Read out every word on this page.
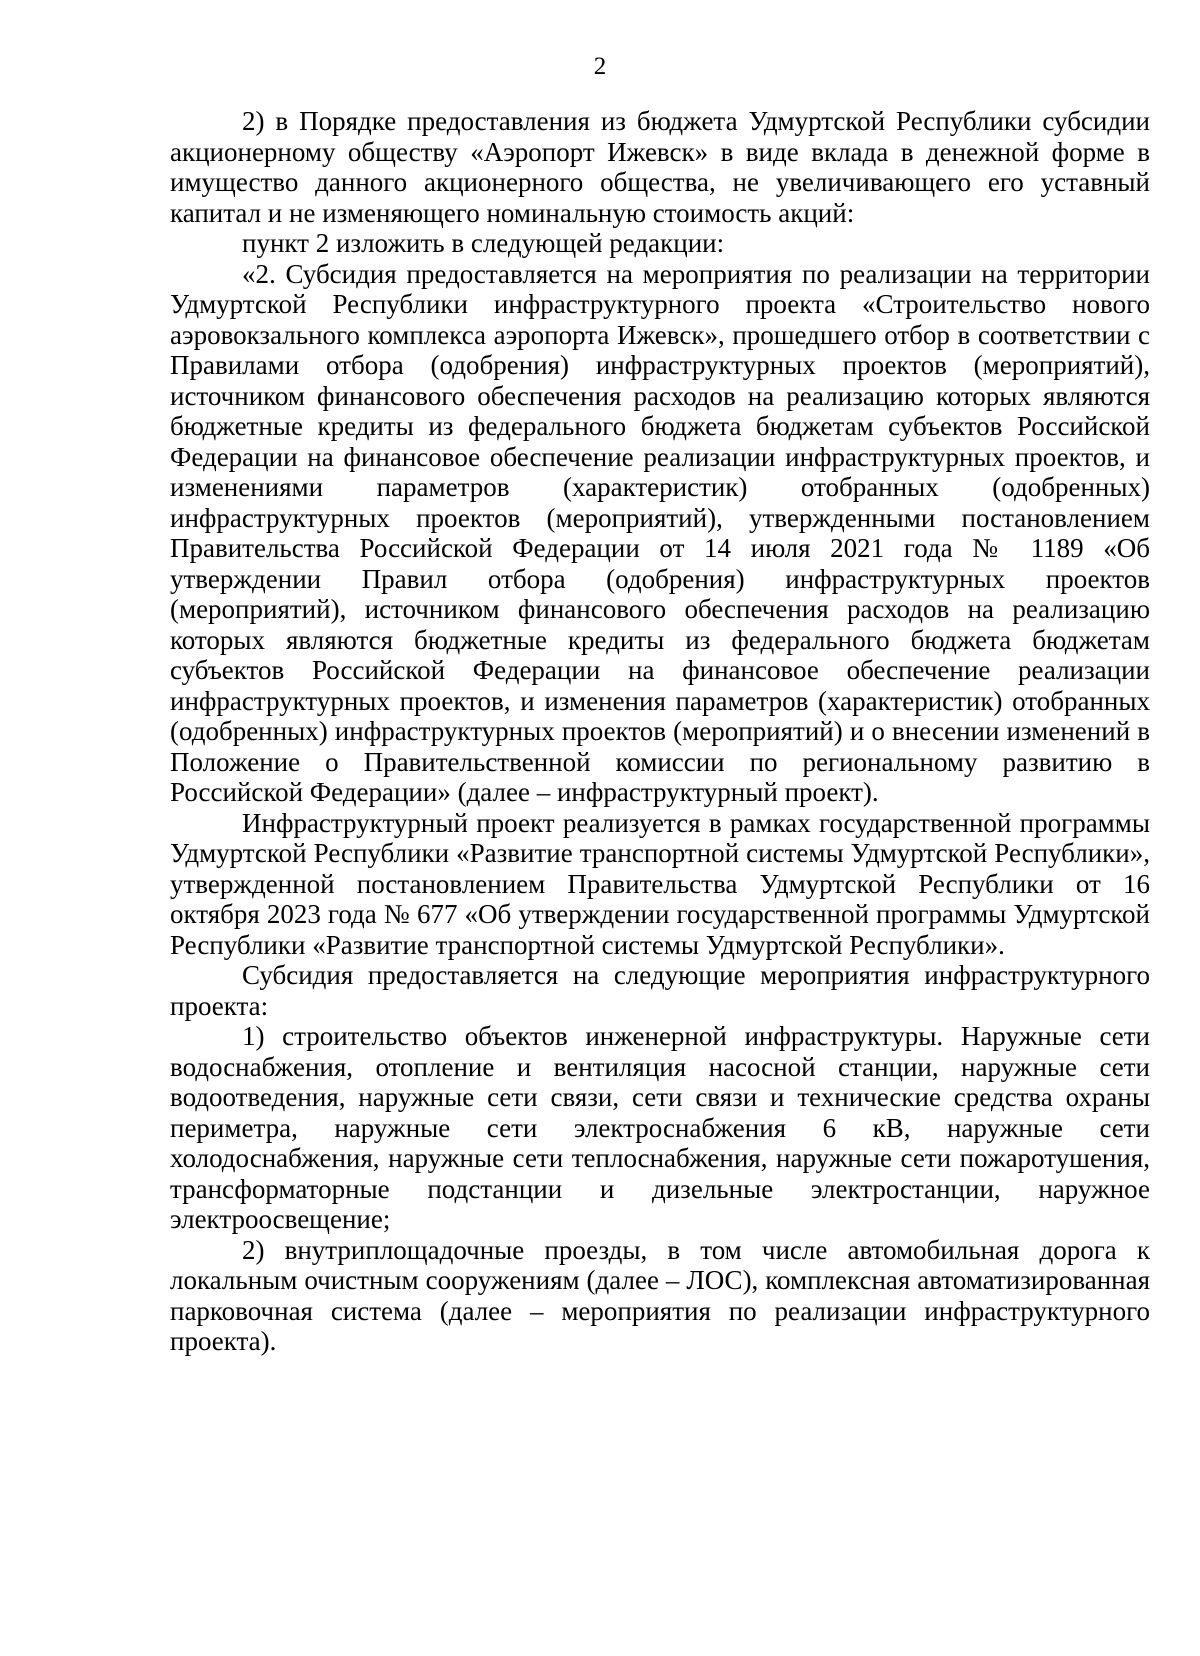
2

2) в Порядке предоставления из бюджета Удмуртской Республики субсидии акционерному обществу «Аэропорт Ижевск» в виде вклада в денежной форме в имущество данного акционерного общества, не увеличивающего его уставный капитал и не изменяющего номинальную стоимость акций:

пункт 2 изложить в следующей редакции:

«2. Субсидия предоставляется на мероприятия по реализации на территории Удмуртской Республики инфраструктурного проекта «Строительство нового аэровокзального комплекса аэропорта Ижевск», прошедшего отбор в соответствии с Правилами отбора (одобрения) инфраструктурных проектов (мероприятий), источником финансового обеспечения расходов на реализацию которых являются бюджетные кредиты из федерального бюджета бюджетам субъектов Российской Федерации на финансовое обеспечение реализации инфраструктурных проектов, и изменениями параметров (характеристик) отобранных (одобренных) инфраструктурных проектов (мероприятий), утвержденными постановлением Правительства Российской Федерации от 14 июля 2021 года № 1189 «Об утверждении Правил отбора (одобрения) инфраструктурных проектов (мероприятий), источником финансового обеспечения расходов на реализацию которых являются бюджетные кредиты из федерального бюджета бюджетам субъектов Российской Федерации на финансовое обеспечение реализации инфраструктурных проектов, и изменения параметров (характеристик) отобранных (одобренных) инфраструктурных проектов (мероприятий) и о внесении изменений в Положение о Правительственной комиссии по региональному развитию в Российской Федерации» (далее – инфраструктурный проект).

Инфраструктурный проект реализуется в рамках государственной программы Удмуртской Республики «Развитие транспортной системы Удмуртской Республики», утвержденной постановлением Правительства Удмуртской Республики от 16 октября 2023 года № 677 «Об утверждении государственной программы Удмуртской Республики «Развитие транспортной системы Удмуртской Республики».

Субсидия предоставляется на следующие мероприятия инфраструктурного проекта:

1) строительство объектов инженерной инфраструктуры. Наружные сети водоснабжения, отопление и вентиляция насосной станции, наружные сети водоотведения, наружные сети связи, сети связи и технические средства охраны периметра, наружные сети электроснабжения 6 кВ, наружные сети холодоснабжения, наружные сети теплоснабжения, наружные сети пожаротушения, трансформаторные подстанции и дизельные электростанции, наружное электроосвещение;

2) внутриплощадочные проезды, в том числе автомобильная дорога к локальным очистным сооружениям (далее – ЛОС), комплексная автоматизированная парковочная система (далее – мероприятия по реализации инфраструктурного проекта).
